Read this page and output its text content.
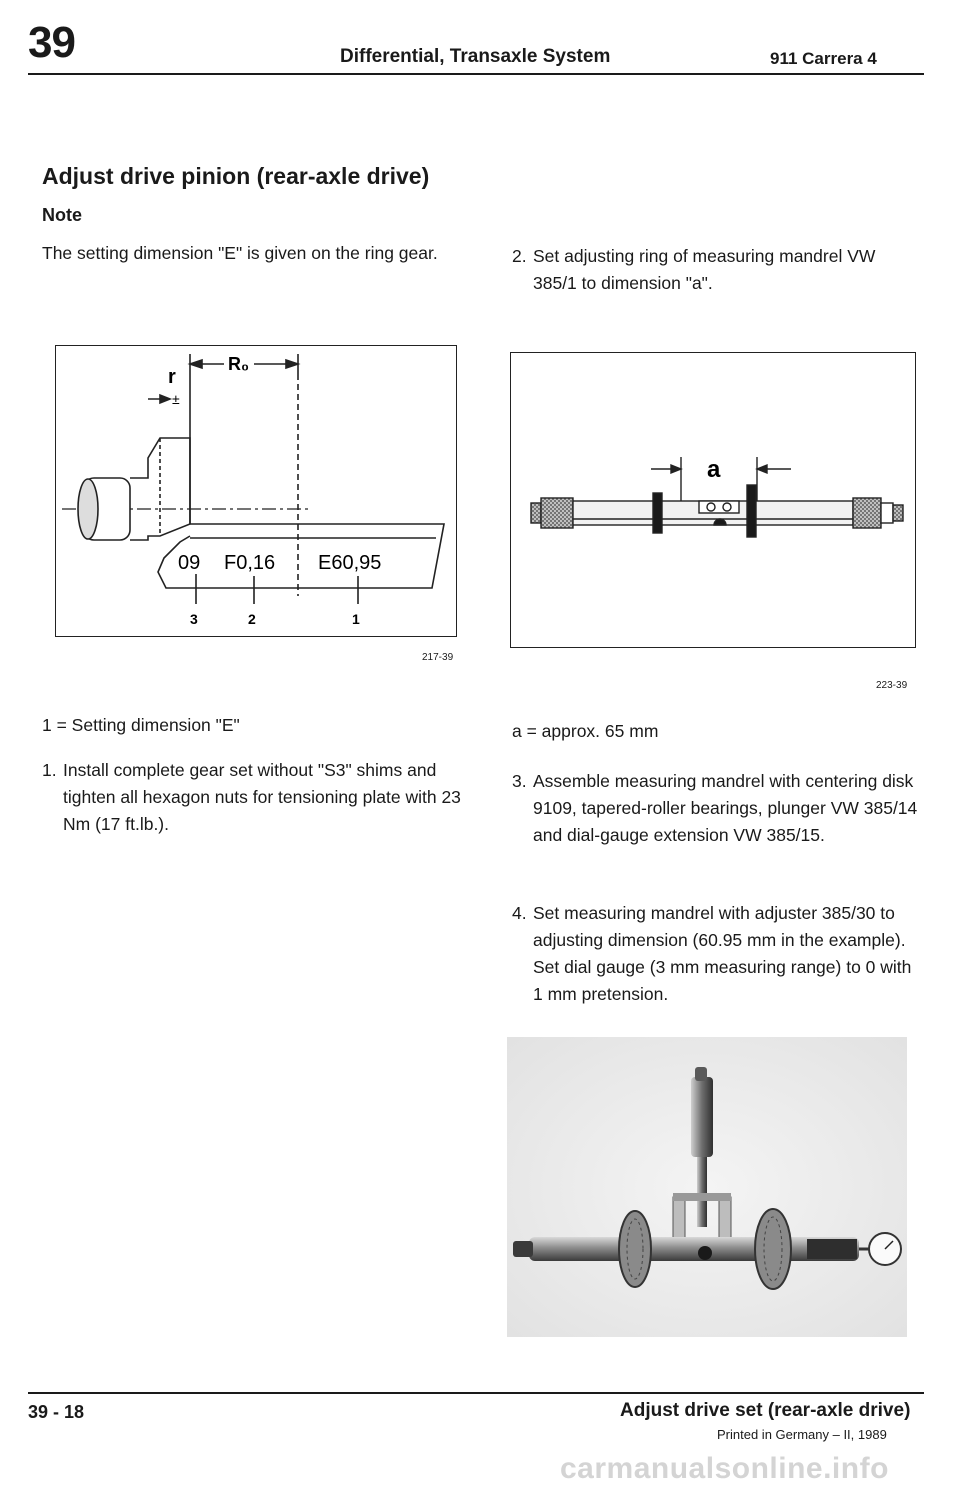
39	Differential, Transaxle System	911 Carrera 4
Adjust drive pinion (rear-axle drive)
Note
The setting dimension "E" is given on the ring gear.
r
R₀
±
09 F0,16 E60,95
3	2	1
217-39
1 = Setting dimension "E"
1. Install complete gear set without "S3" shims and tighten all hexagon nuts for tensioning plate with 23 Nm (17 ft.lb.).
2. Set adjusting ring of measuring mandrel VW 385/1 to dimension "a".
a
223-39
a = approx. 65 mm
3. Assemble measuring mandrel with centering disk 9109, tapered-roller bearings, plunger VW 385/14 and dial-gauge extension VW 385/15.
4. Set measuring mandrel with adjuster 385/30 to adjusting dimension (60.95 mm in the example). Set dial gauge (3 mm measuring range) to 0 with 1 mm pretension.
39 - 18	Adjust drive set (rear-axle drive)
Printed in Germany – II, 1989
carmanualsonline.info
